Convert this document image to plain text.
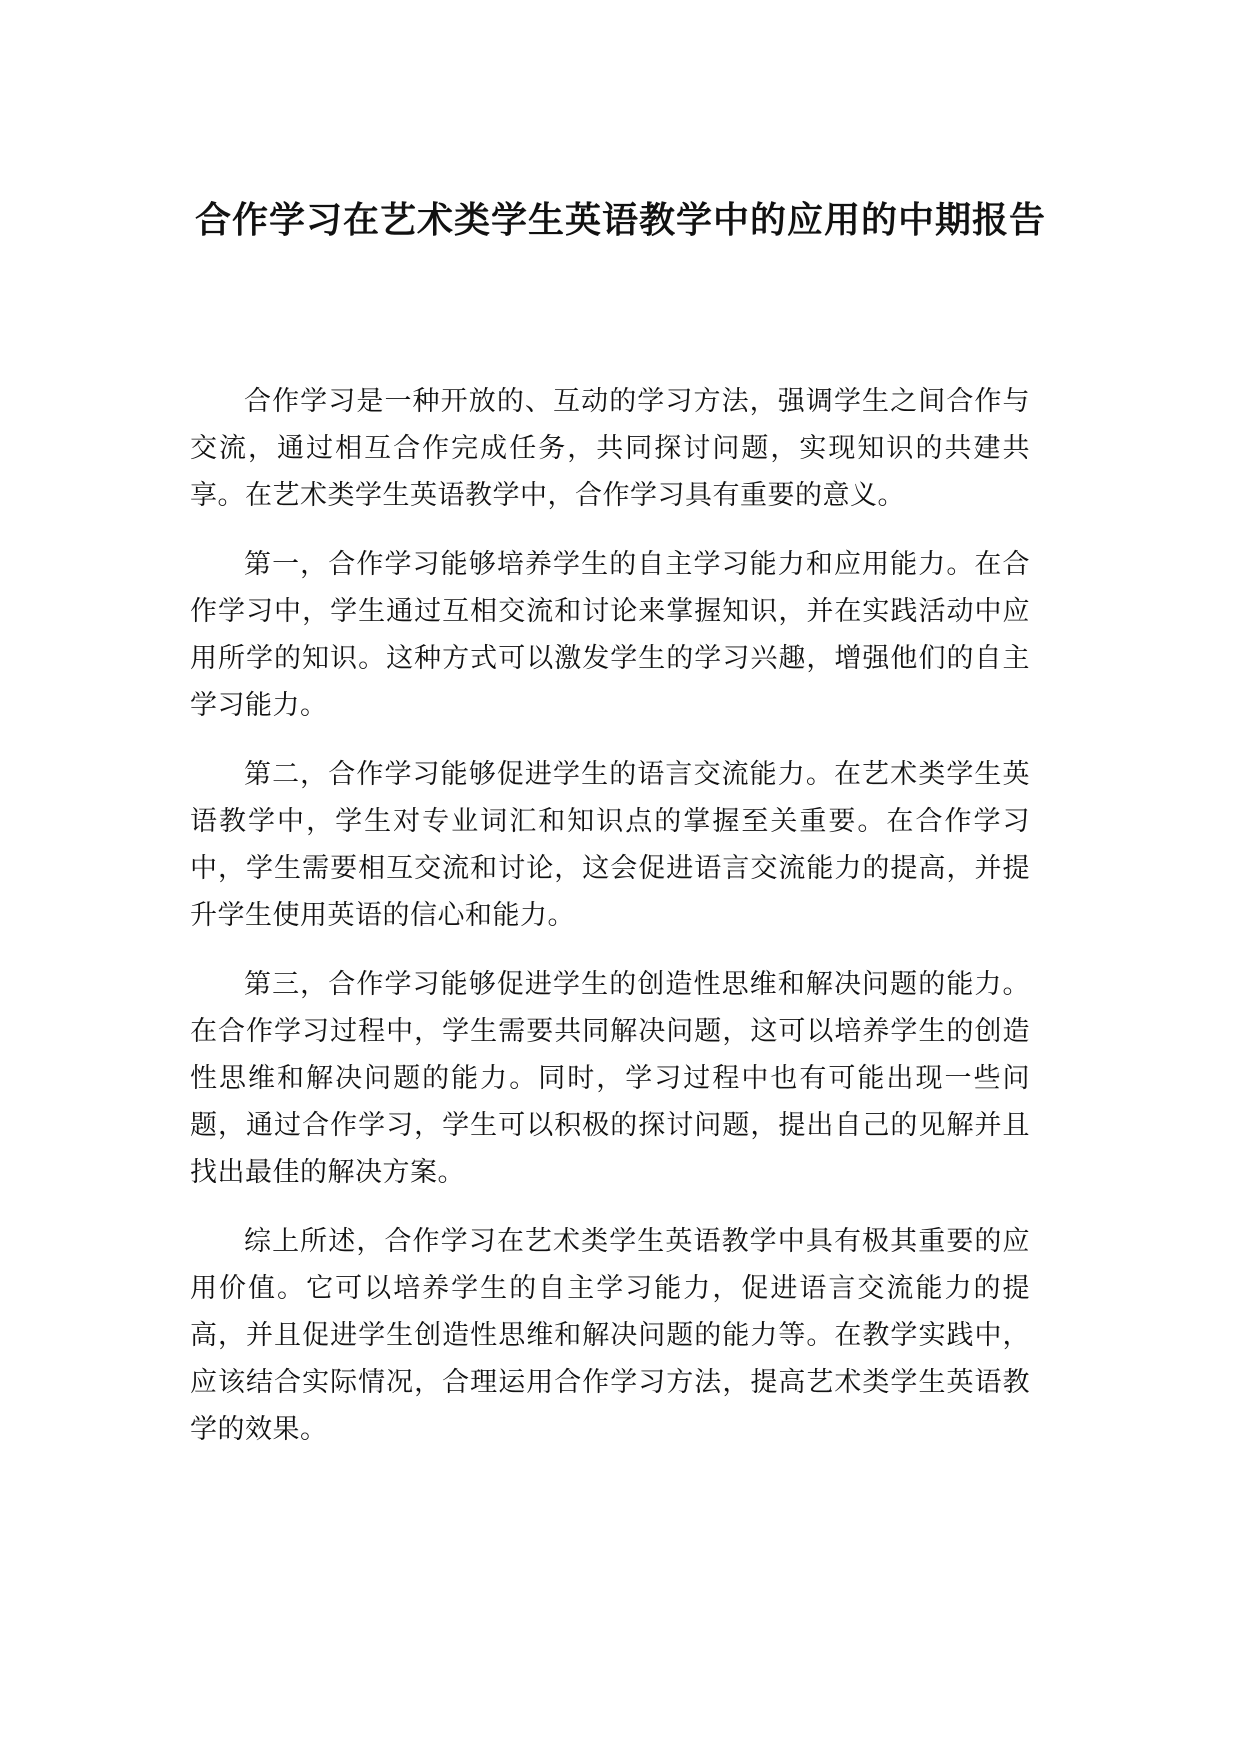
合作学习在艺术类学生英语教学中的应用的中期报告

合作学习是一种开放的、互动的学习方法，强调学生之间合作与交流，通过相互合作完成任务，共同探讨问题，实现知识的共建共享。在艺术类学生英语教学中，合作学习具有重要的意义。

第一，合作学习能够培养学生的自主学习能力和应用能力。在合作学习中，学生通过互相交流和讨论来掌握知识，并在实践活动中应用所学的知识。这种方式可以激发学生的学习兴趣，增强他们的自主学习能力。

第二，合作学习能够促进学生的语言交流能力。在艺术类学生英语教学中，学生对专业词汇和知识点的掌握至关重要。在合作学习中，学生需要相互交流和讨论，这会促进语言交流能力的提高，并提升学生使用英语的信心和能力。

第三，合作学习能够促进学生的创造性思维和解决问题的能力。在合作学习过程中，学生需要共同解决问题，这可以培养学生的创造性思维和解决问题的能力。同时，学习过程中也有可能出现一些问题，通过合作学习，学生可以积极的探讨问题，提出自己的见解并且找出最佳的解决方案。

综上所述，合作学习在艺术类学生英语教学中具有极其重要的应用价值。它可以培养学生的自主学习能力，促进语言交流能力的提高，并且促进学生创造性思维和解决问题的能力等。在教学实践中，应该结合实际情况，合理运用合作学习方法，提高艺术类学生英语教学的效果。
